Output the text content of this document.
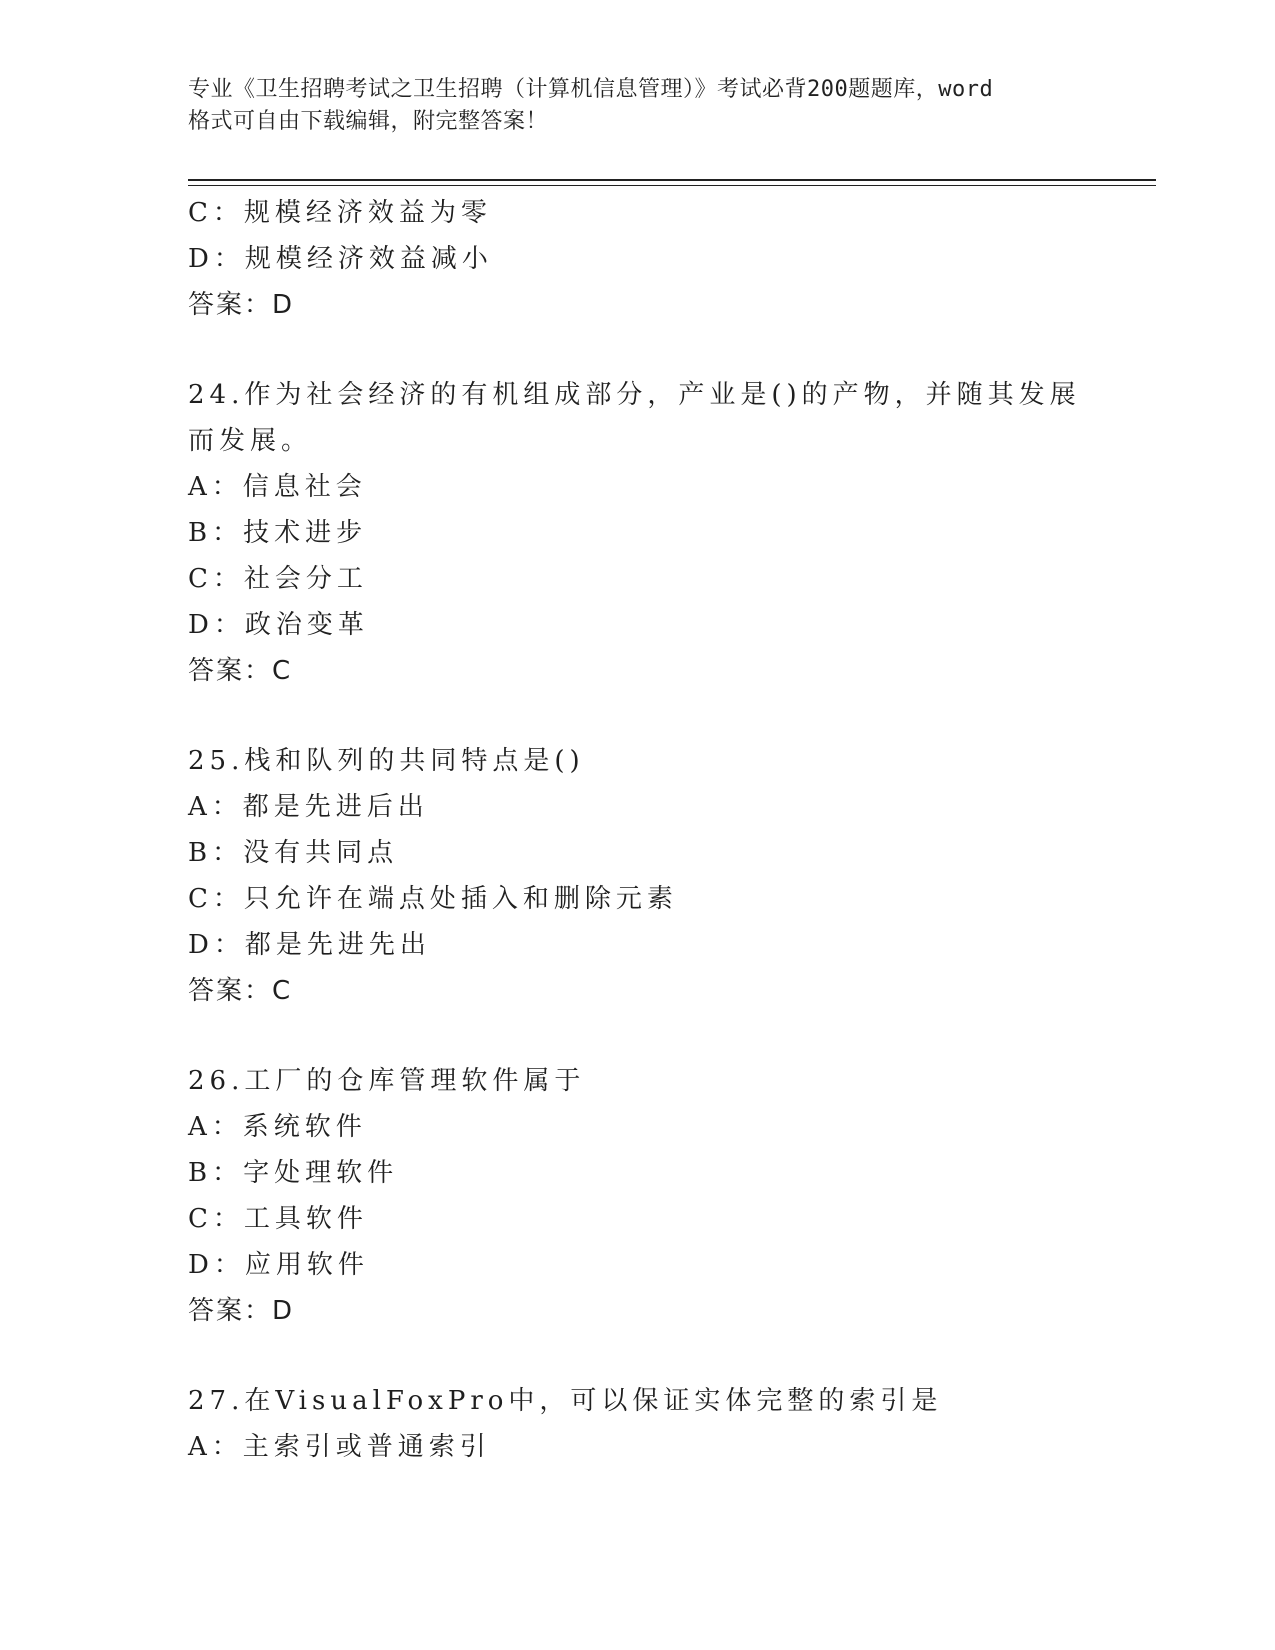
专业《卫生招聘考试之卫生招聘（计算机信息管理）》考试必背200题题库，word
格式可自由下载编辑，附完整答案！
C：规模经济效益为零
D：规模经济效益减小
答案：D
24.作为社会经济的有机组成部分，产业是()的产物，并随其发展而发展。
A：信息社会
B：技术进步
C：社会分工
D：政治变革
答案：C
25.栈和队列的共同特点是()
A：都是先进后出
B：没有共同点
C：只允许在端点处插入和删除元素
D：都是先进先出
答案：C
26.工厂的仓库管理软件属于
A：系统软件
B：字处理软件
C：工具软件
D：应用软件
答案：D
27.在VisualFoxPro中，可以保证实体完整的索引是
A：主索引或普通索引
